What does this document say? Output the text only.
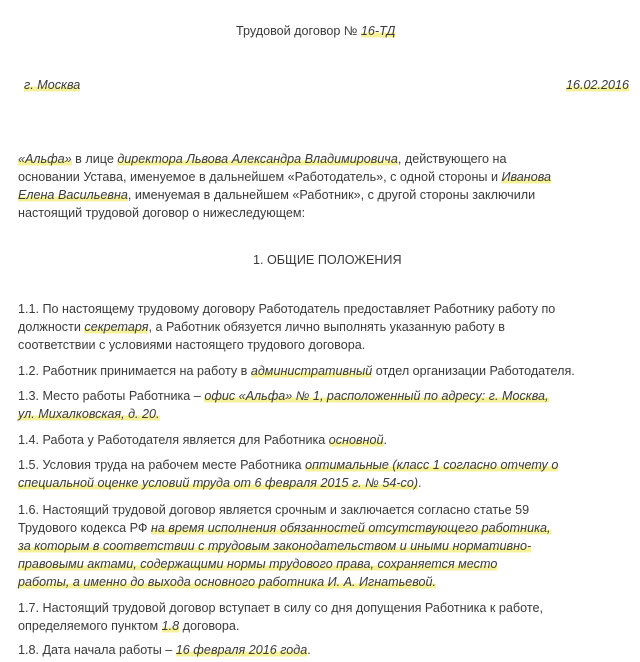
Трудовой договор № 16-ТД
г. Москва	16.02.2016
«Альфа» в лице директора Львова Александра Владимировича, действующего на
основании Устава, именуемое в дальнейшем «Работодатель», с одной стороны и Иванова
Елена Васильевна, именуемая в дальнейшем «Работник», с другой стороны заключили
настоящий трудовой договор о нижеследующем:
1. ОБЩИЕ ПОЛОЖЕНИЯ
1.1. По настоящему трудовому договору Работодатель предоставляет Работнику работу по
должности секретаря, а Работник обязуется лично выполнять указанную работу в
соответствии с условиями настоящего трудового договора.
1.2. Работник принимается на работу в административный отдел организации Работодателя.
1.3. Место работы Работника – офис «Альфа» № 1, расположенный по адресу: г. Москва,
ул. Михалковская, д. 20.
1.4. Работа у Работодателя является для Работника основной.
1.5. Условия труда на рабочем месте Работника оптимальные (класс 1 согласно отчету о
специальной оценке условий труда от 6 февраля 2015 г. № 54-со).
1.6. Настоящий трудовой договор является срочным и заключается согласно статье 59
Трудового кодекса РФ на время исполнения обязанностей отсутствующего работника,
за которым в соответствии с трудовым законодательством и иными нормативно-
правовыми актами, содержащими нормы трудового права, сохраняется место
работы, а именно до выхода основного работника И. А. Игнатьевой.
1.7. Настоящий трудовой договор вступает в силу со дня допущения Работника к работе,
определяемого пунктом 1.8 договора.
1.8. Дата начала работы – 16 февраля 2016 года.
